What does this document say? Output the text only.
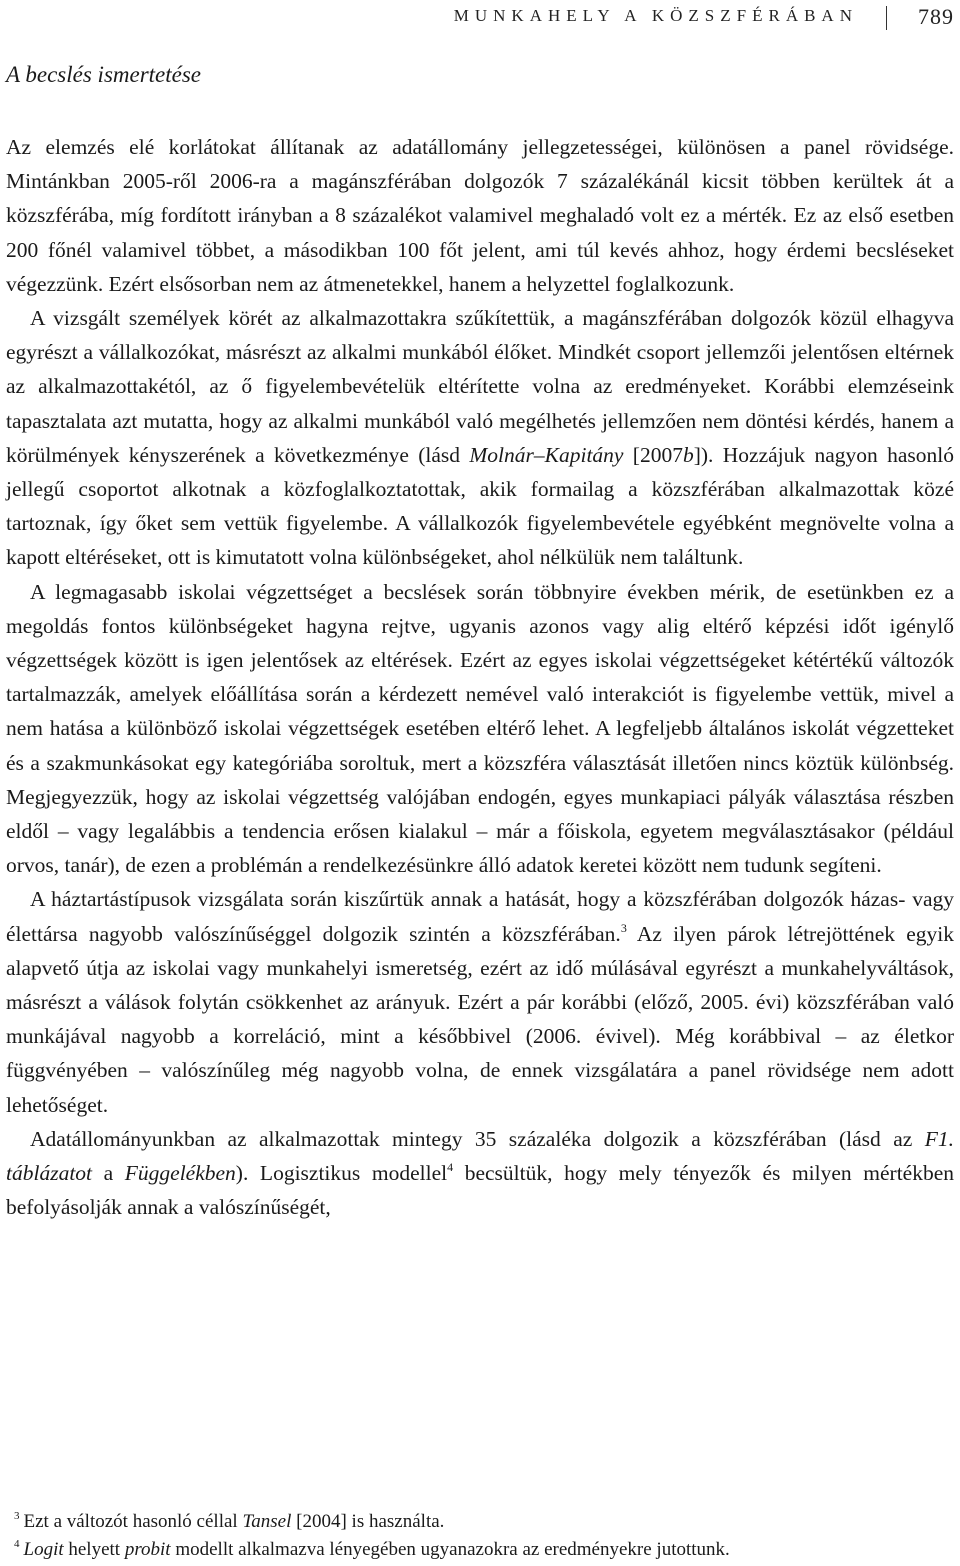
MUNKAHELY A KÖZSZFÉRÁBAN	789
A becslés ismertetése

Az elemzés elé korlátokat állítanak az adatállomány jellegzetességei, különösen a panel rövidsége. Mintánkban 2005-ről 2006-ra a magánszférában dolgozók 7 százalékánál kicsit többen kerültek át a közszférába, míg fordított irányban a 8 százalékot valamivel meghaladó volt ez a mérték. Ez az első esetben 200 főnél valamivel többet, a másodikban 100 főt jelent, ami túl kevés ahhoz, hogy érdemi becsléseket végezzünk. Ezért elsősorban nem az átmenetekkel, hanem a helyzettel foglalkozunk.

A vizsgált személyek körét az alkalmazottakra szűkítettük, a magánszférában dolgozók közül elhagyva egyrészt a vállalkozókat, másrészt az alkalmi munkából élőket. Mindkét csoport jellemzői jelentősen eltérnek az alkalmazottakétól, az ő figyelembevételük eltérítette volna az eredményeket. Korábbi elemzéseink tapasztalata azt mutatta, hogy az alkalmi munkából való megélhetés jellemzően nem döntési kérdés, hanem a körülmények kényszerének a következménye (lásd Molnár–Kapitány [2007b]). Hozzájuk nagyon hasonló jellegű csoportot alkotnak a közfoglalkoztatottak, akik formailag a közszférában alkalmazottak közé tartoznak, így őket sem vettük figyelembe. A vállalkozók figyelembevétele egyébként megnövelte volna a kapott eltéréseket, ott is kimutatott volna különbségeket, ahol nélkülük nem találtunk.

A legmagasabb iskolai végzettséget a becslések során többnyire években mérik, de esetünkben ez a megoldás fontos különbségeket hagyna rejtve, ugyanis azonos vagy alig eltérő képzési időt igénylő végzettségek között is igen jelentősek az eltérések. Ezért az egyes iskolai végzettségeket kétértékű változók tartalmazzák, amelyek előállítása során a kérdezett nemével való interakciót is figyelembe vettük, mivel a nem hatása a különböző iskolai végzettségek esetében eltérő lehet. A legfeljebb általános iskolát végzetteket és a szakmunkásokat egy kategóriába soroltuk, mert a közszféra választását illetően nincs köztük különbség. Megjegyezzük, hogy az iskolai végzettség valójában endogén, egyes munkapiaci pályák választása részben eldől – vagy legalábbis a tendencia erősen kialakul – már a főiskola, egyetem megválasztásakor (például orvos, tanár), de ezen a problémán a rendelkezésünkre álló adatok keretei között nem tudunk segíteni.

A háztartástípusok vizsgálata során kiszűrtük annak a hatását, hogy a közszférában dolgozók házas- vagy élettársa nagyobb valószínűséggel dolgozik szintén a közszférában.$^3$ Az ilyen párok létrejöttének egyik alapvető útja az iskolai vagy munkahelyi ismeretség, ezért az idő múlásával egyrészt a munkahelyváltások, másrészt a válások folytán csökkenhet az arányuk. Ezért a pár korábbi (előző, 2005. évi) közszférában való munkájával nagyobb a korreláció, mint a későbbivel (2006. évivel). Még korábbival – az életkor függvényében – valószínűleg még nagyobb volna, de ennek vizsgálatára a panel rövidsége nem adott lehetőséget.

Adatállományunkban az alkalmazottak mintegy 35 százaléka dolgozik a közszférában (lásd az F1. táblázatot a Függelékben). Logisztikus modellel$^4$ becsültük, hogy mely tényezők és milyen mértékben befolyásolják annak a valószínűségét,

$^3$ Ezt a változót hasonló céllal Tansel [2004] is használta.

$^4$ Logit helyett probit modellt alkalmazva lényegében ugyanazokra az eredményekre jutottunk.
